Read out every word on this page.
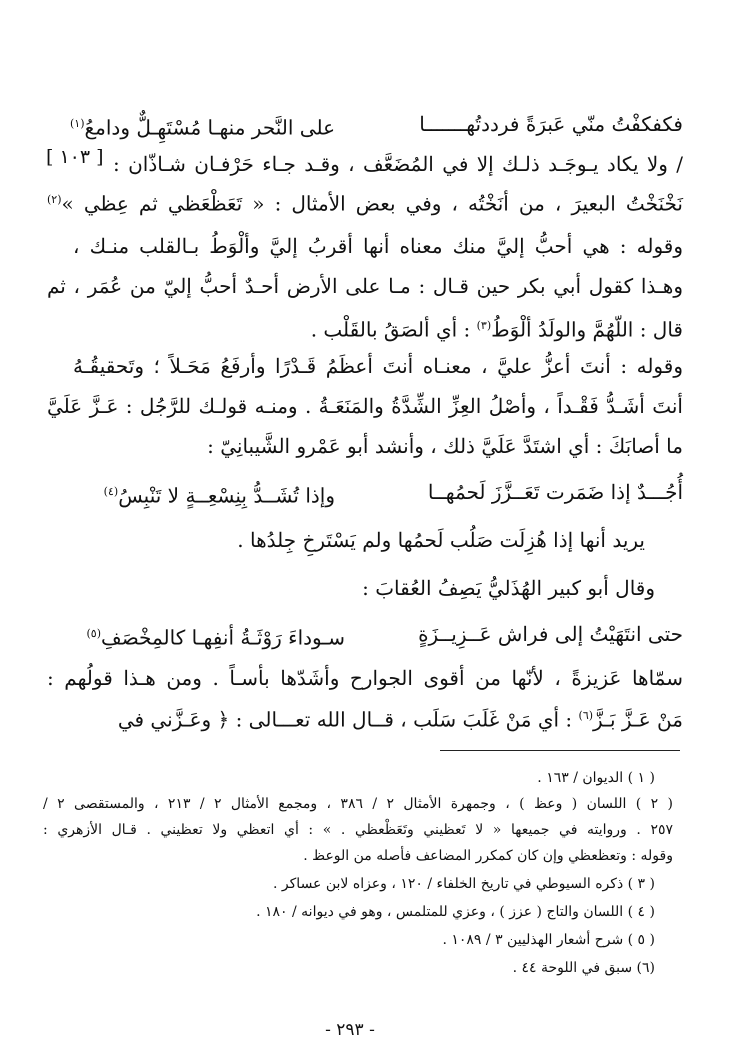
[ ١٠٣ ]
فكفكفْتُ منّي عَبرَةً فرددتُهـــــــا
على النَّحر منهـا مُسْتَهِـلٌّ ودامعُ$^{(١)}$
/ ولا يكاد يـوجَـد ذلـك إلا في المُضَعَّف ، وقـد جـاء حَرْفـان شـاذّان :
نَخْنَخْتُ البعيرَ ، من أنَخْتُه ، وفي بعض الأمثال : « تَعَظْعَظي ثم عِظي »$^{(٢)}$
وقوله : هي أحبُّ إليَّ منك معناه أنها أقربُ إليَّ وألْوَطُ بـالقلب منـك ،
وهـذا كقول أبي بكر حين قـال : مـا على الأرض أحـدٌ أحبُّ إليّ من عُمَر ، ثم
قال : اللّهُمَّ والولَدُ ألْوَطُ$^{(٣)}$ : أي ألصَقُ بالقَلْب .
وقوله : أنتَ أعزُّ عليَّ ، معنـاه أنتَ أعظَمُ قَـدْرًا وأرفَعُ مَحَـلاً ؛ وتَحقيقُـهُ
أنتَ أشَـدُّ فَقْـداً ، وأصْلُ العِزِّ الشِّدَّةُ والمَنَعَـةُ . ومنـه قولـك للرَّجُل : عَـزَّ عَلَيَّ
ما أصابَكَ : أي اشتَدَّ عَلَيَّ ذلك ، وأنشد أبو عَمْرو الشَّيبانِيّ :
أُجُـــدٌ إذا ضَمَرت تَعَــزَّزَ لَحمُهــا
وإذا تُشَــدُّ بِنِسْعِــةٍ لا تَنْبِسُ$^{(٤)}$
يريد أنها إذا هُزِلَت صَلُب لَحمُها ولم يَسْتَرخِ جِلدُها .
وقال أبو كبير الهُذَليُّ يَصِفُ العُقابَ :
حتى انتَهَيْتُ إلى فراش عَــزِيــزَةٍ
سـوداءَ رَوْثَـةُ أنفِهـا كالمِخْصَفِ$^{(٥)}$
سمّاها عَزيزةً ، لأنّها من أقوى الجوارح وأشَدّها بأسـاً . ومن هـذا قولُهم :
مَنْ عَـزَّ بَـزَّ$^{(٦)}$ : أي مَنْ غَلَبَ سَلَب ، قــال الله تعـــالى : ﴿ وعَـزَّني في
( ١ ) الديوان / ١٦٣ .
( ٢ ) اللسان ( وعظ ) ، وجمهرة الأمثال ٢ / ٣٨٦ ، ومجمع الأمثال ٢ / ٢١٣ ، والمستقصى ٢ /
٢٥٧ . وروايته في جميعها « لا تَعظيني وتَعَظْعظي . » : أي اتعظي ولا تعظيني . قـال الأزهري :
وقوله : وتعظعظي وإن كان كمكرر المضاعف فأصله من الوعظ .
( ٣ ) ذكره السيوطي في تاريخ الخلفاء / ١٢٠ ، وعزاه لابن عساكر .
( ٤ ) اللسان والتاج ( عزز ) ، وعزي للمتلمس ، وهو في ديوانه / ١٨٠ .
( ٥ ) شرح أشعار الهذليين ٣ / ١٠٨٩ .
(٦) سبق في اللوحة ٤٤ .
- ٢٩٣ -
